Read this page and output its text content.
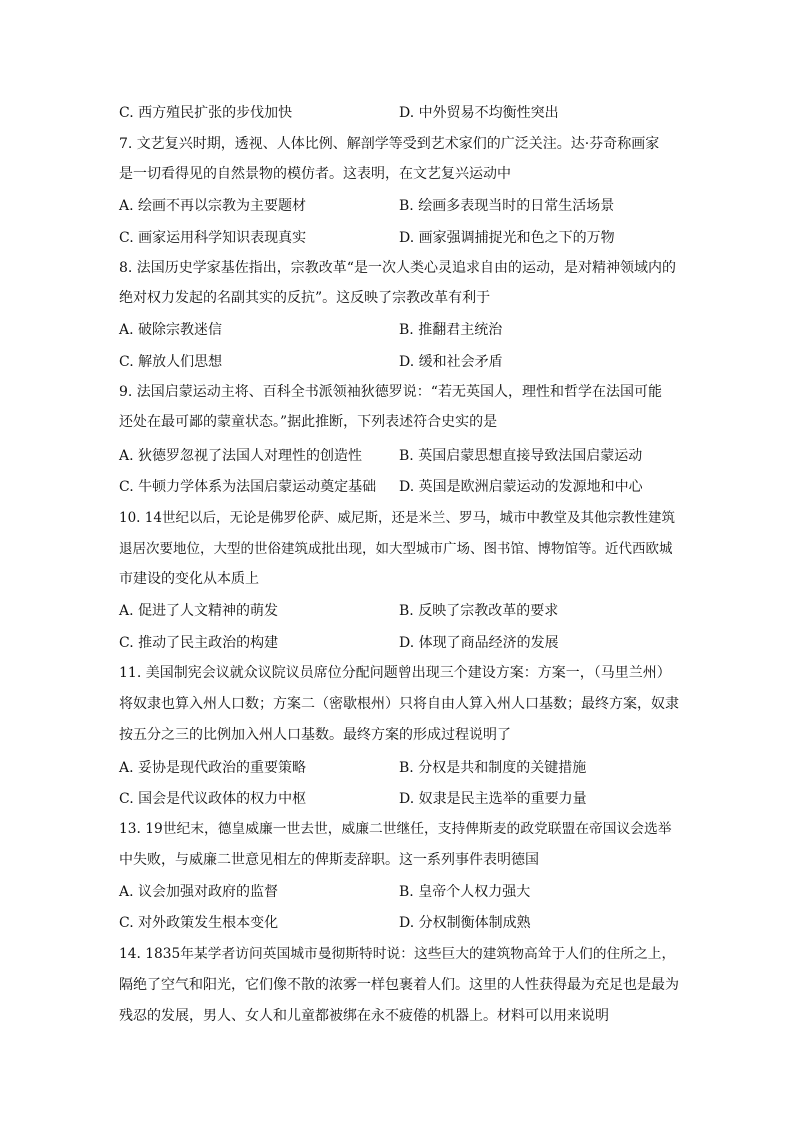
C. 西方殖民扩张的步伐加快	D. 中外贸易不均衡性突出
7. 文艺复兴时期，透视、人体比例、解剖学等受到艺术家们的广泛关注。达·芬奇称画家
是一切看得见的自然景物的模仿者。这表明，在文艺复兴运动中
A. 绘画不再以宗教为主要题材	B. 绘画多表现当时的日常生活场景
C. 画家运用科学知识表现真实	D. 画家强调捕捉光和色之下的万物
8. 法国历史学家基佐指出，宗教改革“是一次人类心灵追求自由的运动，是对精神领域内的
绝对权力发起的名副其实的反抗”。这反映了宗教改革有利于
A. 破除宗教迷信	B. 推翻君主统治
C. 解放人们思想	D. 缓和社会矛盾
9. 法国启蒙运动主将、百科全书派领袖狄德罗说：“若无英国人，理性和哲学在法国可能
还处在最可鄙的蒙童状态。”据此推断，下列表述符合史实的是
A. 狄德罗忽视了法国人对理性的创造性	B. 英国启蒙思想直接导致法国启蒙运动
C. 牛顿力学体系为法国启蒙运动奠定基础 D. 英国是欧洲启蒙运动的发源地和中心
10. 14世纪以后，无论是佛罗伦萨、威尼斯，还是米兰、罗马，城市中教堂及其他宗教性建筑
退居次要地位，大型的世俗建筑成批出现，如大型城市广场、图书馆、博物馆等。近代西欧城
市建设的变化从本质上
A. 促进了人文精神的萌发	B. 反映了宗教改革的要求
C. 推动了民主政治的构建	D. 体现了商品经济的发展
11. 美国制宪会议就众议院议员席位分配问题曾出现三个建设方案：方案一，（马里兰州）
将奴隶也算入州人口数；方案二（密歇根州）只将自由人算入州人口基数；最终方案，奴隶
按五分之三的比例加入州人口基数。最终方案的形成过程说明了
A. 妥协是现代政治的重要策略	B. 分权是共和制度的关键措施
C. 国会是代议政体的权力中枢	D. 奴隶是民主选举的重要力量
13. 19世纪末，德皇威廉一世去世，威廉二世继任，支持俾斯麦的政党联盟在帝国议会选举
中失败，与威廉二世意见相左的俾斯麦辞职。这一系列事件表明德国
A. 议会加强对政府的监督	B. 皇帝个人权力强大
C. 对外政策发生根本变化	D. 分权制衡体制成熟
14. 1835年某学者访问英国城市曼彻斯特时说：这些巨大的建筑物高耸于人们的住所之上，
隔绝了空气和阳光，它们像不散的浓雾一样包裹着人们。这里的人性获得最为充足也是最为
残忍的发展，男人、女人和儿童都被绑在永不疲倦的机器上。材料可以用来说明
